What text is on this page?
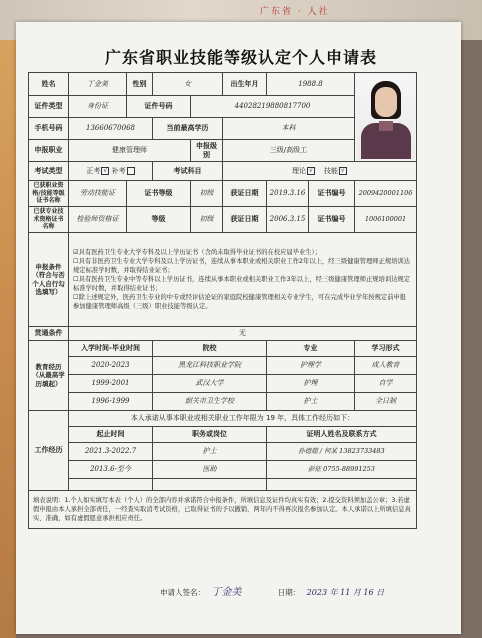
广东省 · 人社
广东省职业技能等级认定个人申请表
姓名	丁金美	性别	女		出生年月	1988.8		

证件类型	身份证	证件号码		44028219880817700				
手机号码	13660670068		当前最高学历		本科			
申报职业	健康管理师			申报级别	三级/高级工			
考试类型	正考 √ 补考		考试科目		理论 √ 技能 √			
已获职业资格/技能等级证书名称	劳动技能证	证书等级		初级	获证日期	2019.3.16	证书编号	2009420001106
已获专业技术资格证书名称	检验师资格证	等级		初级	获证日期	2006.3.15	证书编号	1006100001
申报条件（符合与否个人自行勾选填写）	☑具有医药卫生专业大学专科及以上学历证书（含尚未取得毕业证书的在校应届毕业生）；
☐具有非医药卫生专业大学专科及以上学历证书，连续从事本职业或相关职业工作2年以上，经三级健康管理师正规培训达规定标准学时数，并取得结业证书；
☐具有医药卫生专业中等专科以上学历证书，连续从事本职业或相关职业工作3年以上，经三级健康管理师正规培训达规定标准学时数，并取得结业证书；
☐除上述规定外，医药卫生专业的中专或经评估论证的家庭院校健康管理相关专业学生，可在完成毕业学年按规定前申报参加健康管理师高级（三级）职业技能等级认定。							

贯通条件	无							
教育经历（从最高学历填起）	入学时间-毕业时间		院校			专业		学习形式
	2020-2023		黑龙江科技职业学院			护理学		成人教育
	1999-2001		武汉大学			护理		自学
	1996-1999		韶关市卫生学校			护士		全日制
工作经历	本人承诺从事本职业或相关职业工作年限为 19 年，具体工作经历如下：							
	起止时间		职务或岗位			证明人姓名及联系方式		
	2021.3-2022.7		护士			孙德超 / 何某 13823733483		
	2013.6-至今		医助			彭征 0755-88991253		

填表说明：1.个人如实填写本表（个人）的全部内容并承诺符合申报条件，所填信息及证件均真实有效；2.提交资料须加盖公章；3.若虚假申报由本人承担全部责任，一经查实取消考试资格，已取得证书的予以撤销，两年内不得再次报名参加认定。本人承诺以上所填信息真实、准确，如有虚假愿意承担相应责任。								
申请人签名： 丁金美	日期： 2023 年 11 月 16 日
